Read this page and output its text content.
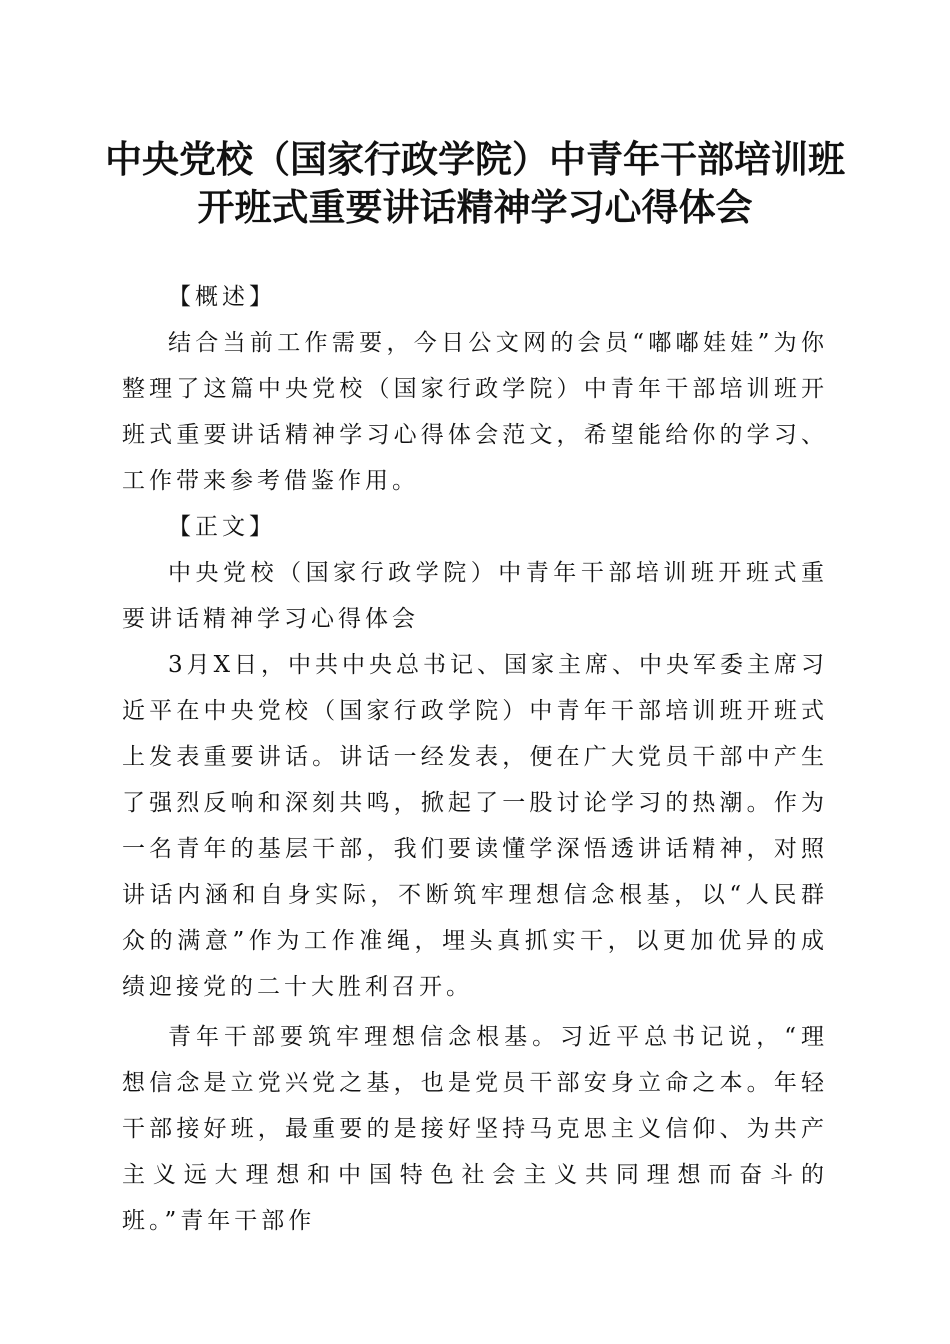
中央党校（国家行政学院）中青年干部培训班
开班式重要讲话精神学习心得体会

【概述】

结合当前工作需要，今日公文网的会员“嘟嘟娃娃”为你整理了这篇中央党校（国家行政学院）中青年干部培训班开班式重要讲话精神学习心得体会范文，希望能给你的学习、工作带来参考借鉴作用。

【正文】

中央党校（国家行政学院）中青年干部培训班开班式重要讲话精神学习心得体会

3月X日，中共中央总书记、国家主席、中央军委主席习近平在中央党校（国家行政学院）中青年干部培训班开班式上发表重要讲话。讲话一经发表，便在广大党员干部中产生了强烈反响和深刻共鸣，掀起了一股讨论学习的热潮。作为一名青年的基层干部，我们要读懂学深悟透讲话精神，对照讲话内涵和自身实际，不断筑牢理想信念根基，以“人民群众的满意”作为工作准绳，埋头真抓实干，以更加优异的成绩迎接党的二十大胜利召开。

青年干部要筑牢理想信念根基。习近平总书记说，“理想信念是立党兴党之基，也是党员干部安身立命之本。年轻干部接好班，最重要的是接好坚持马克思主义信仰、为共产主义远大理想和中国特色社会主义共同理想而奋斗的班。”青年干部作
